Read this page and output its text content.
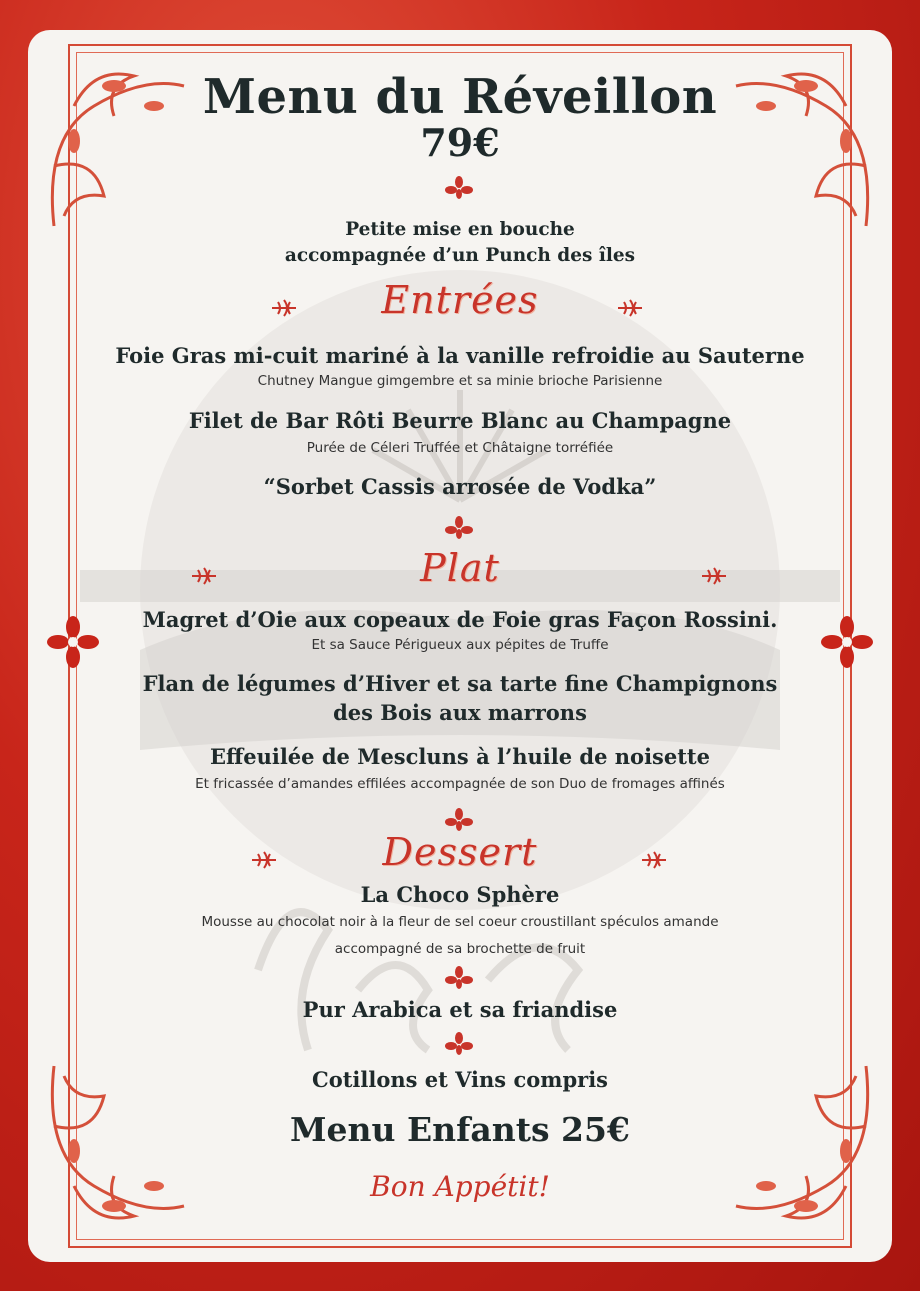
Menu du Réveillon
79€
Petite mise en bouche
accompagnée d’un Punch des îles
Entrées
Foie Gras mi-cuit mariné à la vanille refroidie au Sauterne
Chutney Mangue gimgembre et sa minie brioche Parisienne
Filet de Bar Rôti Beurre Blanc au Champagne
Purée de Céleri Truffée et Châtaigne torréfiée
“Sorbet Cassis arrosée de Vodka”
Plat
Magret d’Oie aux copeaux de Foie gras Façon Rossini.
Et sa Sauce Périgueux aux pépites de Truffe
Flan de légumes d’Hiver et sa tarte fine Champignons
des Bois aux marrons
Effeuilée de Mescluns à l’huile de noisette
Et fricassée d’amandes effilées accompagnée de son Duo de fromages affinés
Dessert
La Choco Sphère
Mousse au chocolat noir à la fleur de sel coeur croustillant spéculos amande
accompagné de sa brochette de fruit
Pur Arabica et sa friandise
Cotillons et Vins compris
Menu Enfants 25€
Bon Appétit!
